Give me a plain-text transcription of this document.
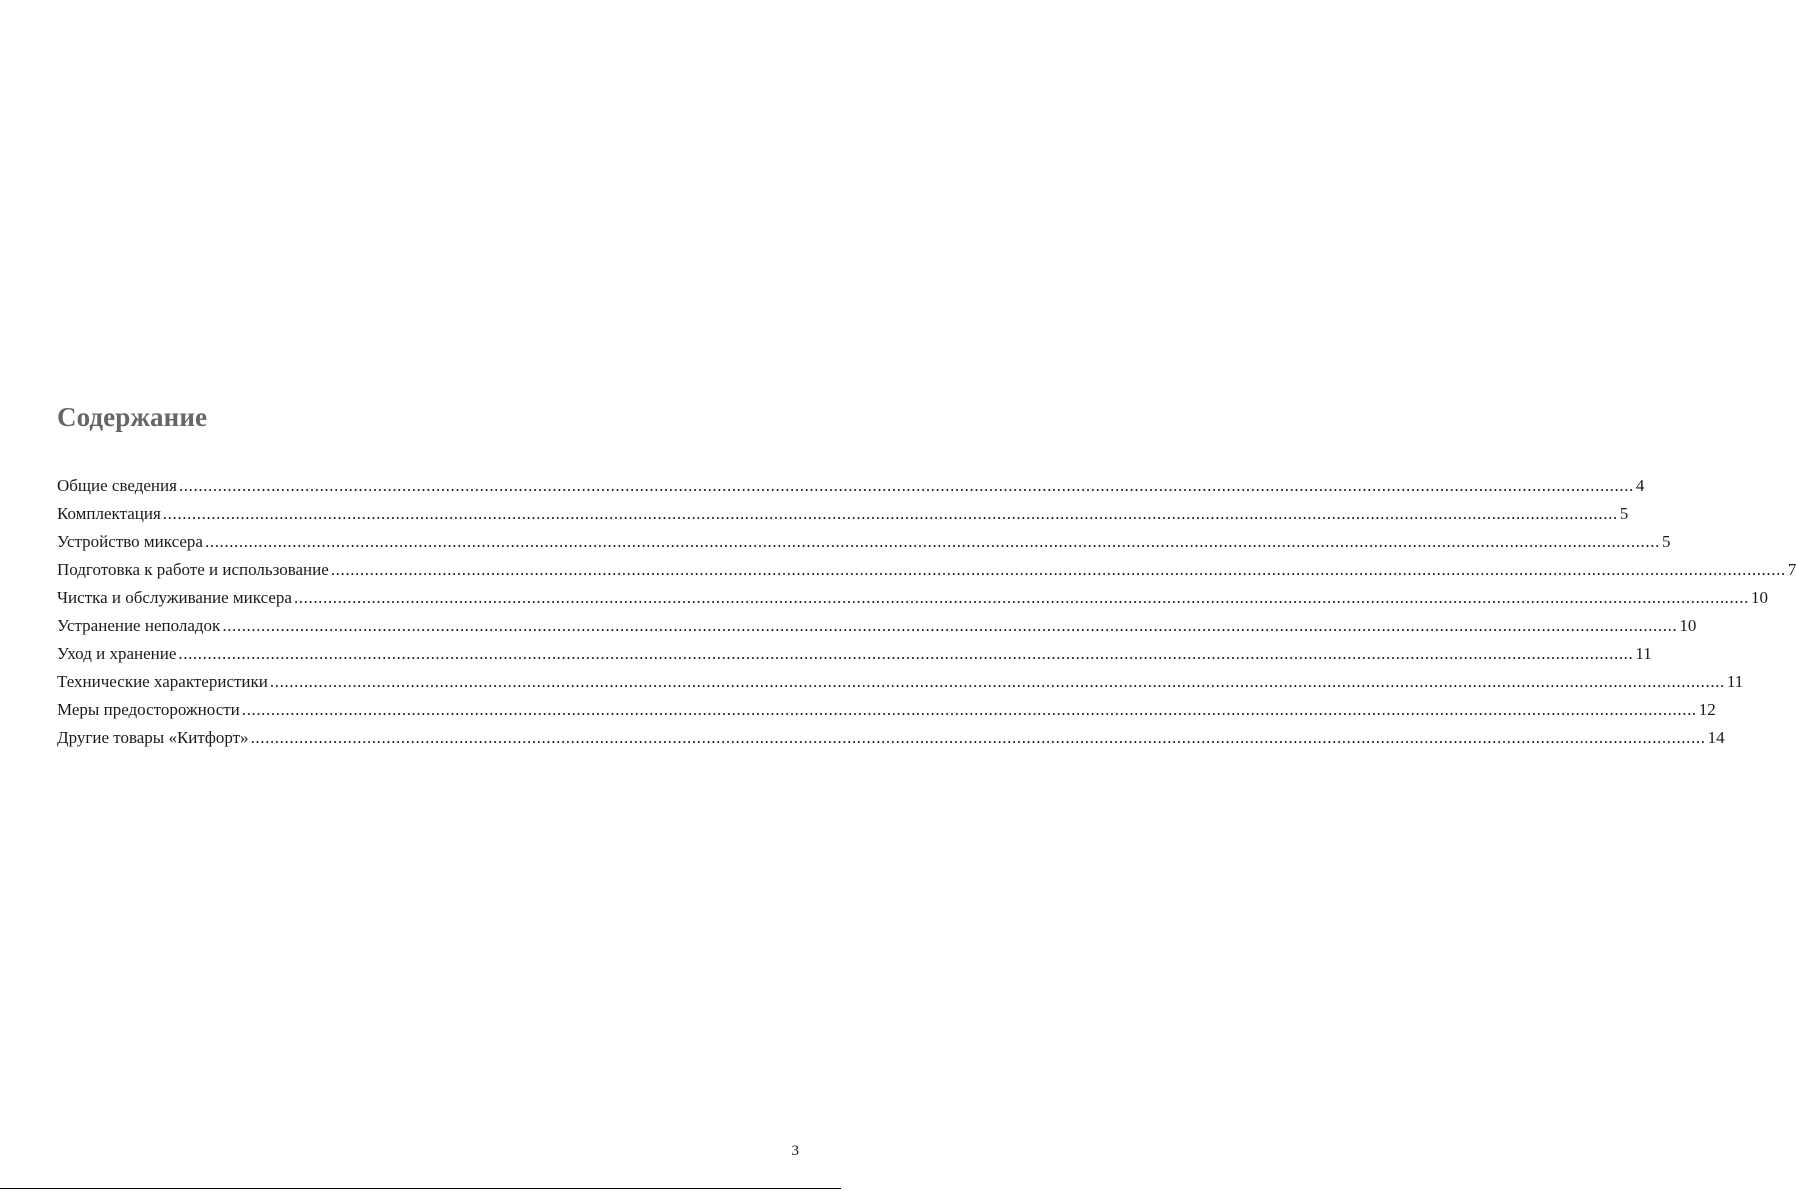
Содержание
Общие сведения ............................................................................................................................................................................................................................................................................................................ 4
Комплектация ............................................................................................................................................................................................................................................................................................................ 5
Устройство миксера ............................................................................................................................................................................................................................................................................................................ 5
Подготовка к работе и использование ............................................................................................................................................................................................................................................................................................................ 7
Чистка и обслуживание миксера ............................................................................................................................................................................................................................................................................................................ 10
Устранение неполадок ............................................................................................................................................................................................................................................................................................................ 10
Уход и хранение ............................................................................................................................................................................................................................................................................................................ 11
Технические характеристики ............................................................................................................................................................................................................................................................................................................ 11
Меры предосторожности ............................................................................................................................................................................................................................................................................................................ 12
Другие товары «Китфорт» ............................................................................................................................................................................................................................................................................................................ 14
3
